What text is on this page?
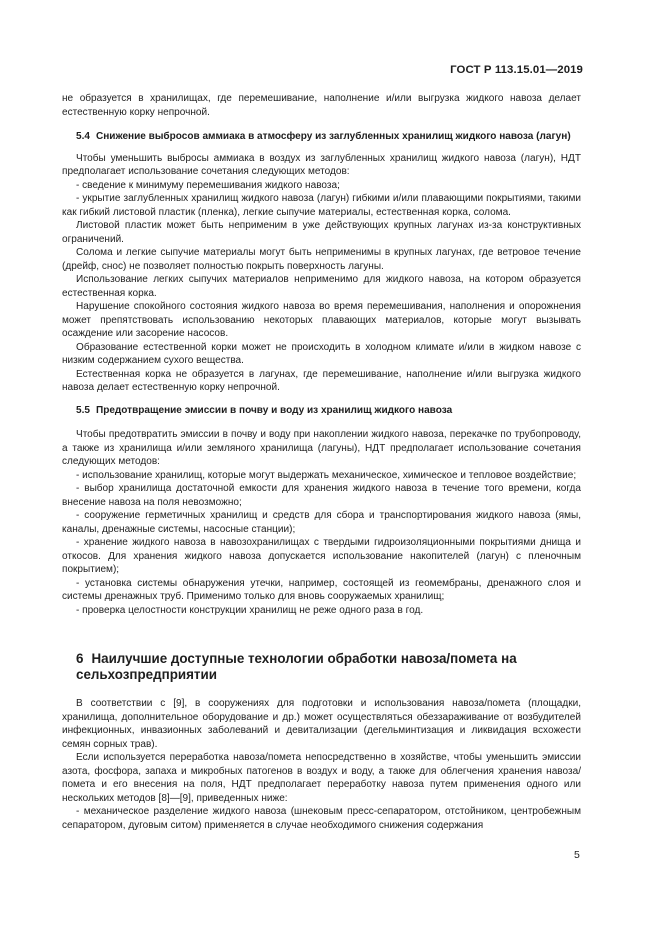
ГОСТ Р 113.15.01—2019

не образуется в хранилищах, где перемешивание, наполнение и/или выгрузка жидкого навоза делает естественную корку непрочной.

5.4 Снижение выбросов аммиака в атмосферу из заглубленных хранилищ жидкого навоза (лагун)

Чтобы уменьшить выбросы аммиака в воздух из заглубленных хранилищ жидкого навоза (лагун), НДТ предполагает использование сочетания следующих методов:

- сведение к минимуму перемешивания жидкого навоза;

- укрытие заглубленных хранилищ жидкого навоза (лагун) гибкими и/или плавающими покрытиями, такими как гибкий листовой пластик (пленка), легкие сыпучие материалы, естественная корка, солома.

Листовой пластик может быть неприменим в уже действующих крупных лагунах из-за конструктивных ограничений.

Солома и легкие сыпучие материалы могут быть неприменимы в крупных лагунах, где ветровое течение (дрейф, снос) не позволяет полностью покрыть поверхность лагуны.

Использование легких сыпучих материалов неприменимо для жидкого навоза, на котором образуется естественная корка.

Нарушение спокойного состояния жидкого навоза во время перемешивания, наполнения и опорожнения может препятствовать использованию некоторых плавающих материалов, которые могут вызывать осаждение или засорение насосов.

Образование естественной корки может не происходить в холодном климате и/или в жидком навозе с низким содержанием сухого вещества.

Естественная корка не образуется в лагунах, где перемешивание, наполнение и/или выгрузка жидкого навоза делает естественную корку непрочной.

5.5 Предотвращение эмиссии в почву и воду из хранилищ жидкого навоза

Чтобы предотвратить эмиссии в почву и воду при накоплении жидкого навоза, перекачке по трубопроводу, а также из хранилища и/или земляного хранилища (лагуны), НДТ предполагает использование сочетания следующих методов:

- использование хранилищ, которые могут выдержать механическое, химическое и тепловое воздействие;

- выбор хранилища достаточной емкости для хранения жидкого навоза в течение того времени, когда внесение навоза на поля невозможно;

- сооружение герметичных хранилищ и средств для сбора и транспортирования жидкого навоза (ямы, каналы, дренажные системы, насосные станции);

- хранение жидкого навоза в навозохранилищах с твердыми гидроизоляционными покрытиями днища и откосов. Для хранения жидкого навоза допускается использование накопителей (лагун) с пленочным покрытием);

- установка системы обнаружения утечки, например, состоящей из геомембраны, дренажного слоя и системы дренажных труб. Применимо только для вновь сооружаемых хранилищ;

- проверка целостности конструкции хранилищ не реже одного раза в год.

6 Наилучшие доступные технологии обработки навоза/помета на сельхозпредприятии

В соответствии с [9], в сооружениях для подготовки и использования навоза/помета (площадки, хранилища, дополнительное оборудование и др.) может осуществляться обеззараживание от возбудителей инфекционных, инвазионных заболеваний и девитализации (дегельминтизация и ликвидация всхожести семян сорных трав).

Если используется переработка навоза/помета непосредственно в хозяйстве, чтобы уменьшить эмиссии азота, фосфора, запаха и микробных патогенов в воздух и воду, а также для облегчения хранения навоза/помета и его внесения на поля, НДТ предполагает переработку навоза путем применения одного или нескольких методов [8]—[9], приведенных ниже:

- механическое разделение жидкого навоза (шнековым пресс-сепаратором, отстойником, центробежным сепаратором, дуговым ситом) применяется в случае необходимого снижения содержания

5
